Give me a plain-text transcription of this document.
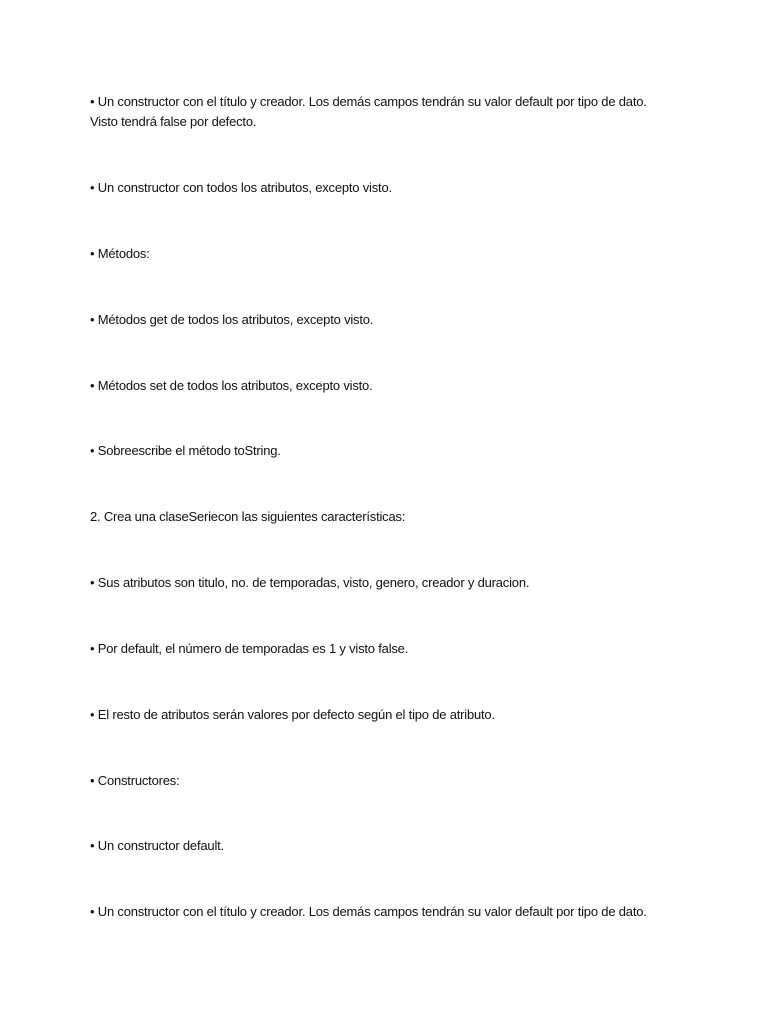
• Un constructor con el título y creador. Los demás campos tendrán su valor default por tipo de dato.
Visto tendrá false por defecto.
• Un constructor con todos los atributos, excepto visto.
• Métodos:
• Métodos get de todos los atributos, excepto visto.
• Métodos set de todos los atributos, excepto visto.
• Sobreescribe el método toString.
2. Crea una claseSeriecon las siguientes características:
• Sus atributos son titulo, no. de temporadas, visto, genero, creador y duracion.
• Por default, el número de temporadas es 1 y visto false.
• El resto de atributos serán valores por defecto según el tipo de atributo.
• Constructores:
• Un constructor default.
• Un constructor con el título y creador. Los demás campos tendrán su valor default por tipo de dato.
